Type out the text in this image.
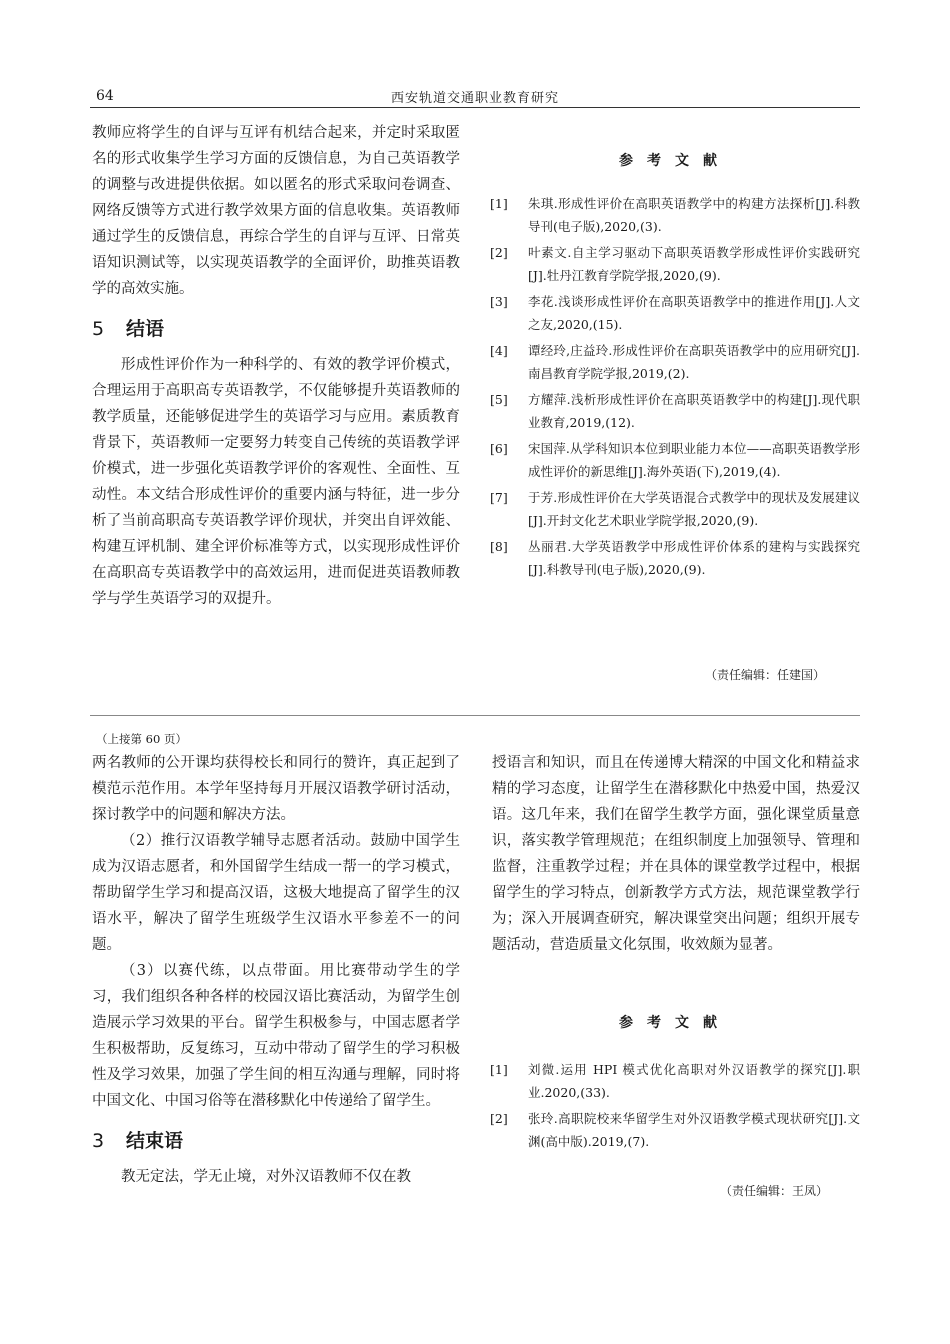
64	西安轨道交通职业教育研究

教师应将学生的自评与互评有机结合起来，并定时采取匿名的形式收集学生学习方面的反馈信息，为自己英语教学的调整与改进提供依据。如以匿名的形式采取问卷调查、网络反馈等方式进行教学效果方面的信息收集。英语教师通过学生的反馈信息，再综合学生的自评与互评、日常英语知识测试等，以实现英语教学的全面评价，助推英语教学的高效实施。

5 结语

形成性评价作为一种科学的、有效的教学评价模式，合理运用于高职高专英语教学，不仅能够提升英语教师的教学质量，还能够促进学生的英语学习与应用。素质教育背景下，英语教师一定要努力转变自己传统的英语教学评价模式，进一步强化英语教学评价的客观性、全面性、互动性。本文结合形成性评价的重要内涵与特征，进一步分析了当前高职高专英语教学评价现状，并突出自评效能、构建互评机制、建全评价标准等方式，以实现形成性评价在高职高专英语教学中的高效运用，进而促进英语教师教学与学生英语学习的双提升。

参考文献
[1]	朱琪.形成性评价在高职英语教学中的构建方法探析[J].科教导刊(电子版),2020,(3).
[2]	叶素文.自主学习驱动下高职英语教学形成性评价实践研究[J].牡丹江教育学院学报,2020,(9).
[3]	李花.浅谈形成性评价在高职英语教学中的推进作用[J].人文之友,2020,(15).
[4]	谭经玲,庄益玲.形成性评价在高职英语教学中的应用研究[J].南昌教育学院学报,2019,(2).
[5]	方耀萍.浅析形成性评价在高职英语教学中的构建[J].现代职业教育,2019,(12).
[6]	宋国萍.从学科知识本位到职业能力本位——高职英语教学形成性评价的新思维[J].海外英语(下),2019,(4).
[7]	于芳.形成性评价在大学英语混合式教学中的现状及发展建议[J].开封文化艺术职业学院学报,2020,(9).
[8]	丛丽君.大学英语教学中形成性评价体系的建构与实践探究[J].科教导刊(电子版),2020,(9).
（责任编辑：任建国）
（上接第 60 页）

两名教师的公开课均获得校长和同行的赞许，真正起到了模范示范作用。本学年坚持每月开展汉语教学研讨活动，探讨教学中的问题和解决方法。

（2）推行汉语教学辅导志愿者活动。鼓励中国学生成为汉语志愿者，和外国留学生结成一帮一的学习模式，帮助留学生学习和提高汉语，这极大地提高了留学生的汉语水平，解决了留学生班级学生汉语水平参差不一的问题。

（3）以赛代练，以点带面。用比赛带动学生的学习，我们组织各种各样的校园汉语比赛活动，为留学生创造展示学习效果的平台。留学生积极参与，中国志愿者学生积极帮助，反复练习，互动中带动了留学生的学习积极性及学习效果，加强了学生间的相互沟通与理解，同时将中国文化、中国习俗等在潜移默化中传递给了留学生。

3 结束语

教无定法，学无止境，对外汉语教师不仅在教

授语言和知识，而且在传递博大精深的中国文化和精益求精的学习态度，让留学生在潜移默化中热爱中国，热爱汉语。这几年来，我们在留学生教学方面，强化课堂质量意识，落实教学管理规范；在组织制度上加强领导、管理和监督，注重教学过程；并在具体的课堂教学过程中，根据留学生的学习特点，创新教学方式方法，规范课堂教学行为；深入开展调查研究，解决课堂突出问题；组织开展专题活动，营造质量文化氛围，收效颇为显著。

参考文献
[1]	刘微.运用 HPI 模式优化高职对外汉语教学的探究[J].职业.2020,(33).
[2]	张玲.高职院校来华留学生对外汉语教学模式现状研究[J].文渊(高中版).2019,(7).
（责任编辑：王凤）
